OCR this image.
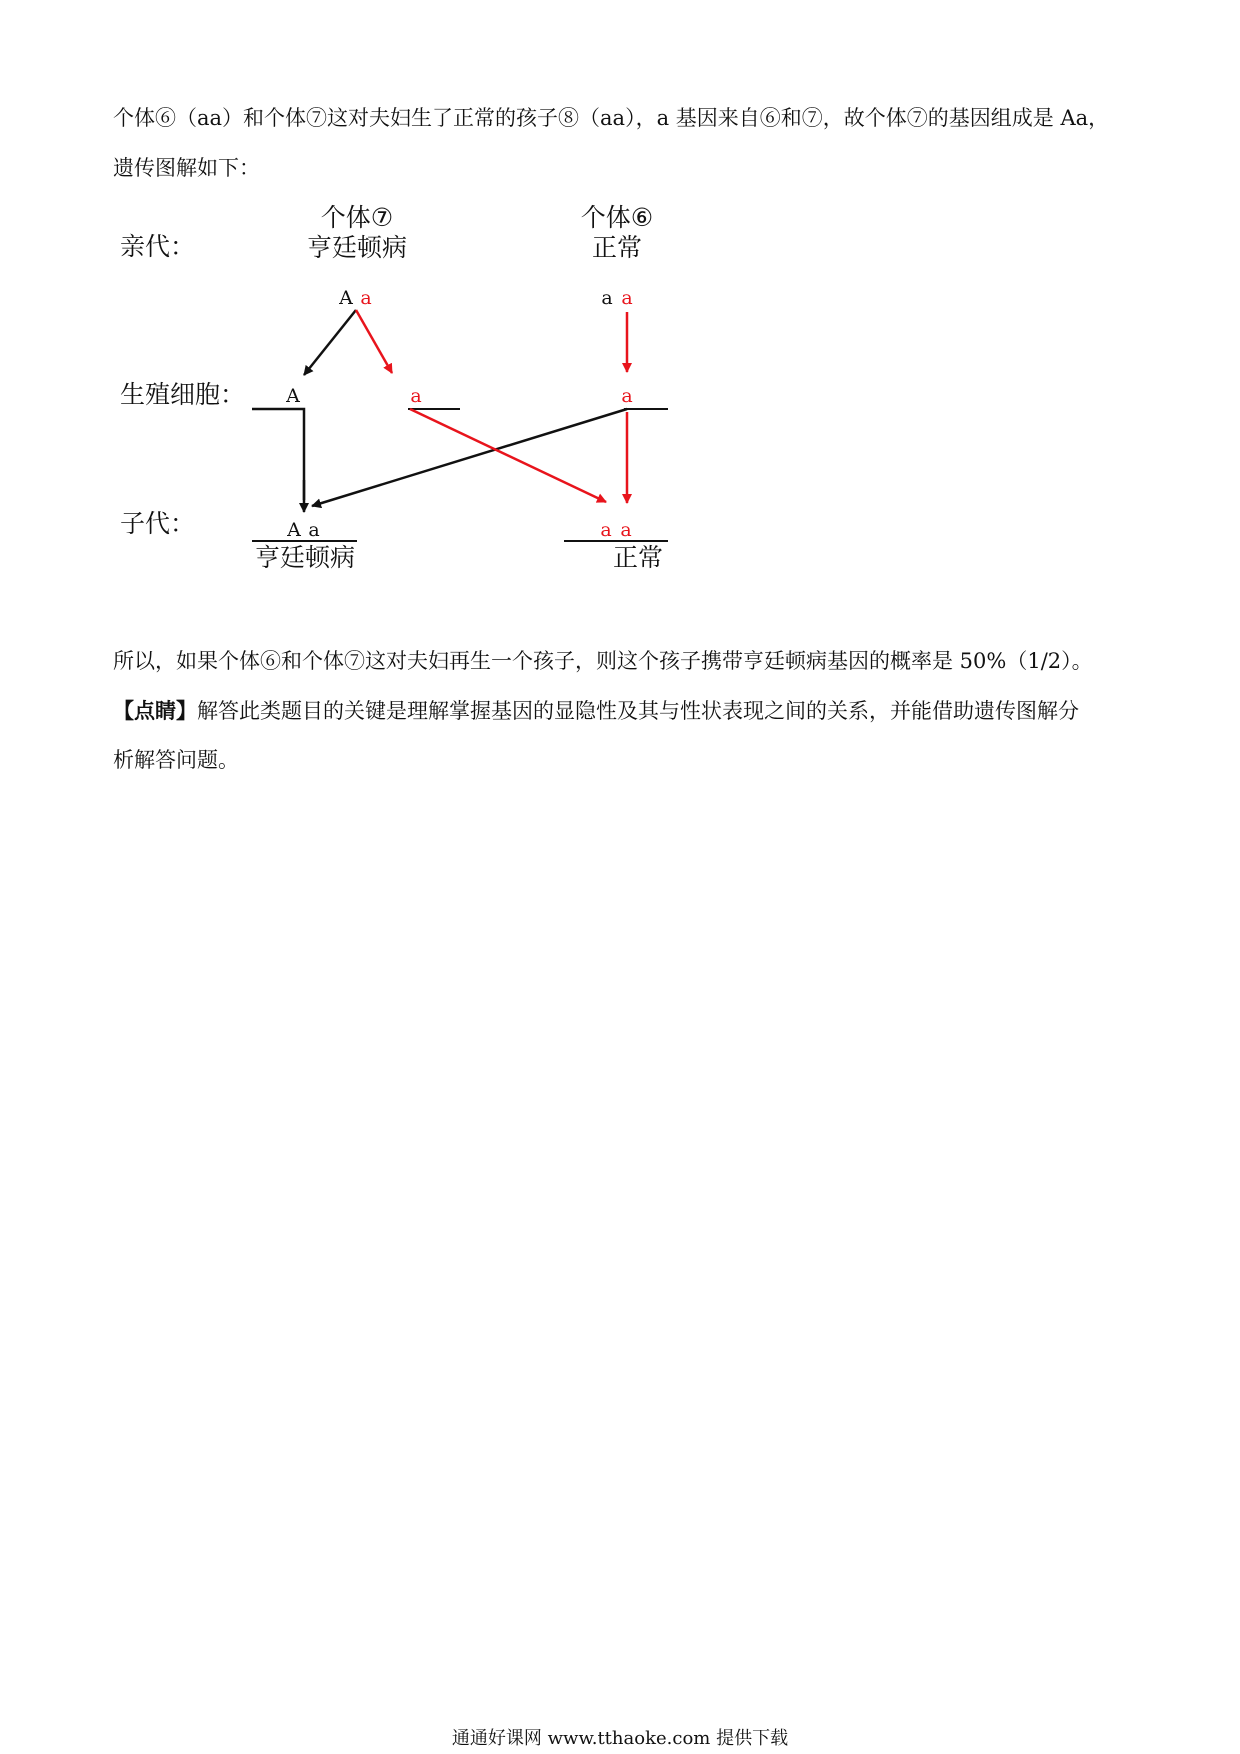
个体⑥（aa）和个体⑦这对夫妇生了正常的孩子⑧（aa），a 基因来自⑥和⑦，故个体⑦的基因组成是 Aa，
遗传图解如下：
亲代：
生殖细胞：
子代：
个体⑦
亨廷顿病
个体⑥
正常
A a	a a
A	a	a
A a	a a
亨廷顿病	正常
所以，如果个体⑥和个体⑦这对夫妇再生一个孩子，则这个孩子携带亨廷顿病基因的概率是 50%（1/2）。
【点睛】解答此类题目的关键是理解掌握基因的显隐性及其与性状表现之间的关系，并能借助遗传图解分
析解答问题。
通通好课网 www.tthaoke.com 提供下载
